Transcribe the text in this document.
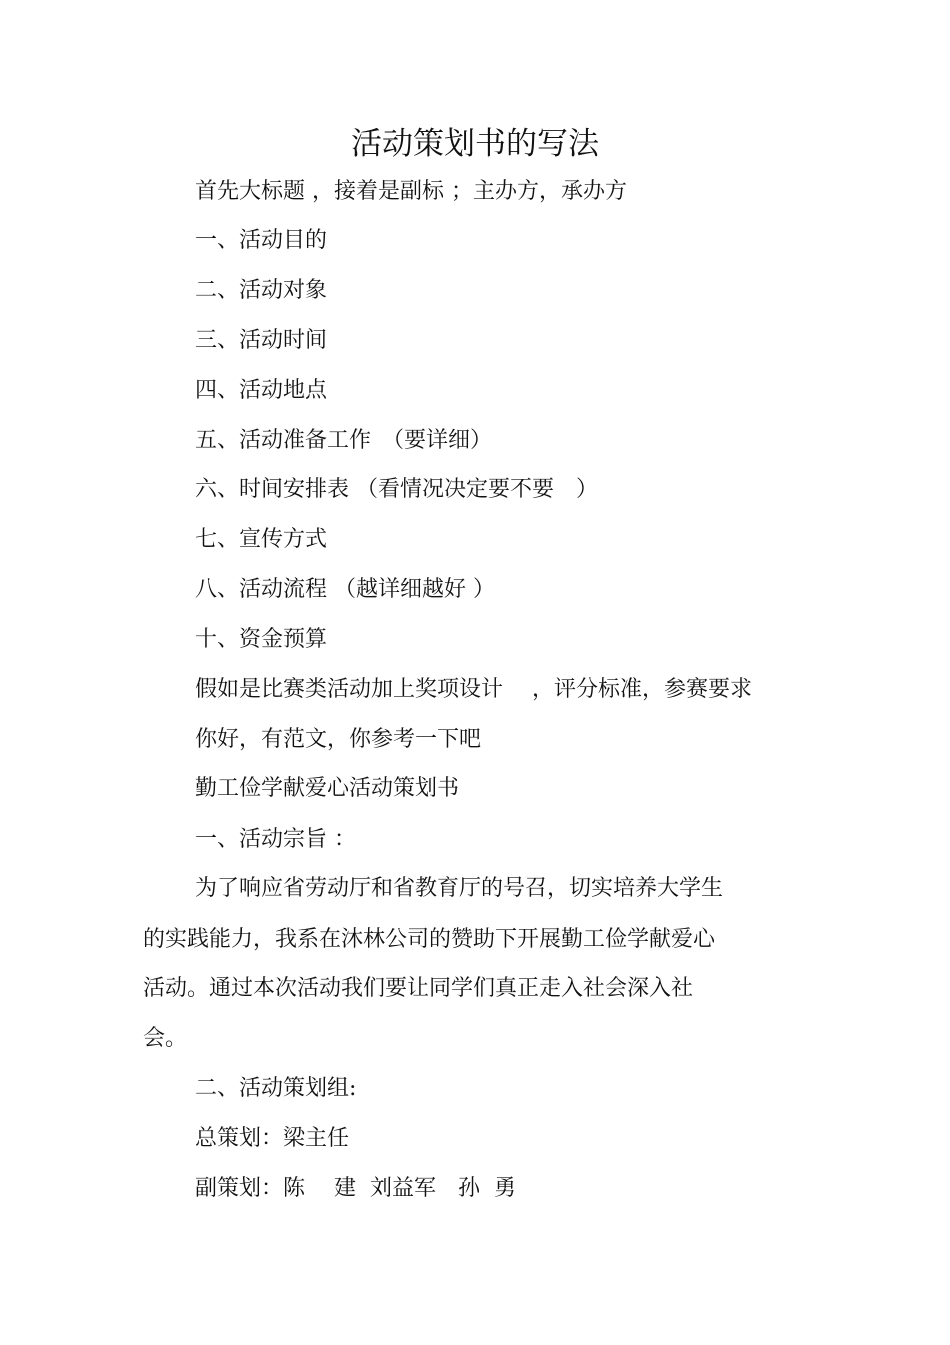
活动策划书的写法
首先大标题 ，接着是副标 ；主办方，承办方
一、活动目的
二、活动对象
三、活动时间
四、活动地点
五、活动准备工作　（要详细）
六、时间安排表 （看情况决定要不要　）
七、宣传方式
八、活动流程 （越详细越好 ）
十、资金预算
假如是比赛类活动加上奖项设计　 ，评分标准，参赛要求
你好，有范文，你参考一下吧
勤工俭学献爱心活动策划书
一、活动宗旨 ：
为了响应省劳动厅和省教育厅的号召，切实培养大学生
的实践能力，我系在沐林公司的赞助下开展勤工俭学献爱心
活动。通过本次活动我们要让同学们真正走入社会深入社
会。
二、活动策划组:
总策划：梁主任
副策划：陈　 建  刘益军　孙  勇
